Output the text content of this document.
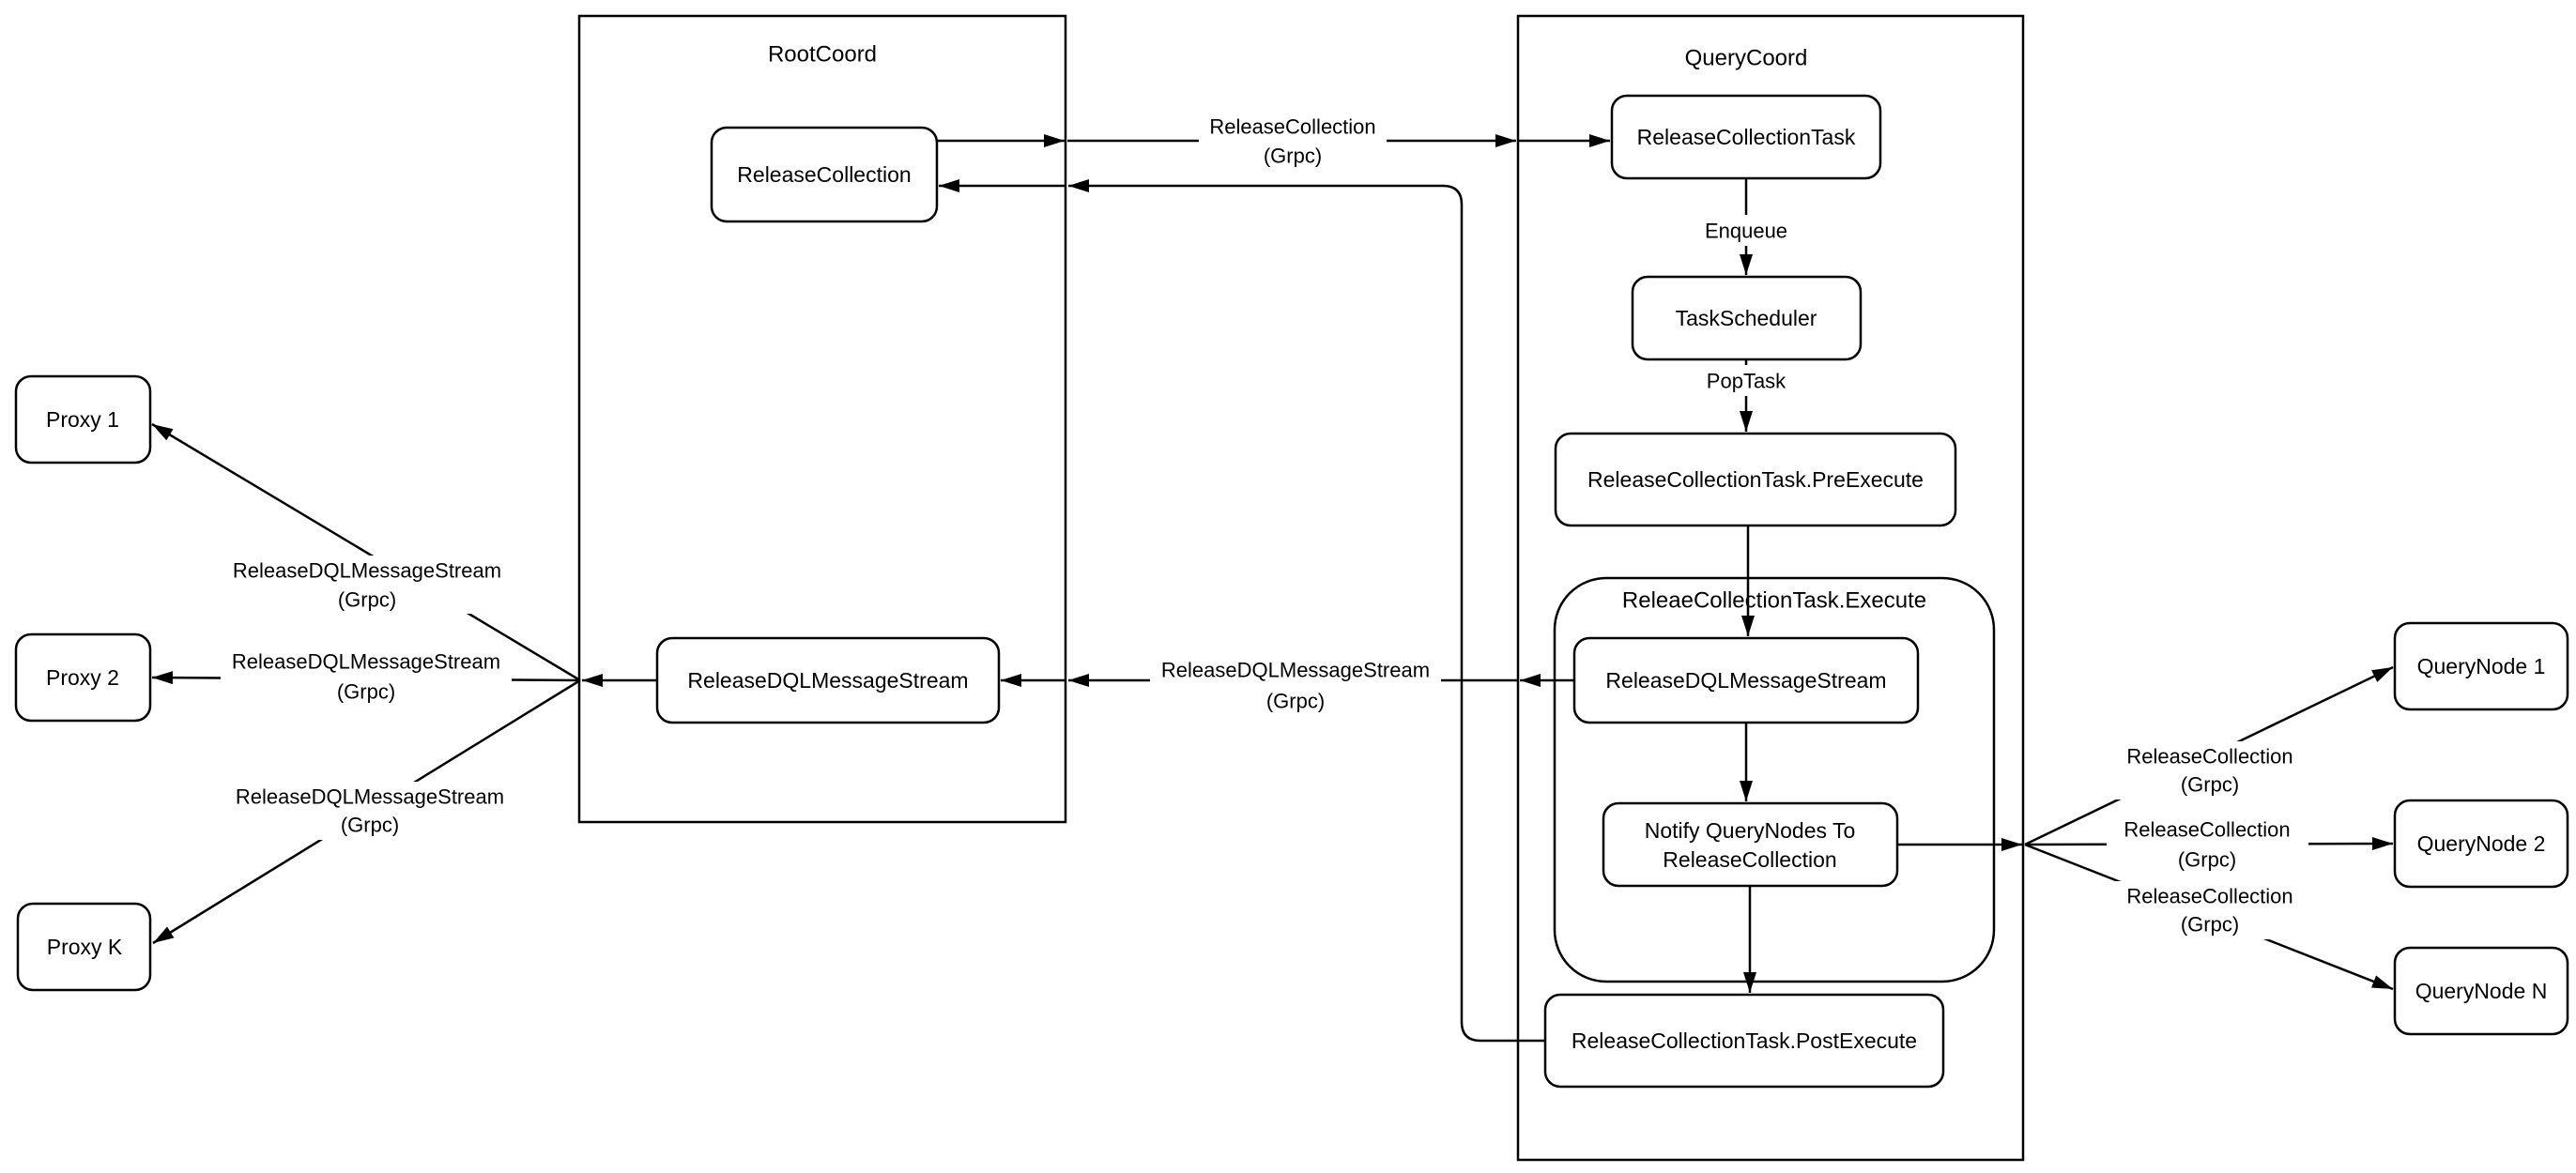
RootCoord	QueryCoord
ReleaeCollectionTask.Execute
ReleaseCollection
ReleaseCollectionTask
TaskScheduler
ReleaseCollectionTask.PreExecute
ReleaseDQLMessageStream
Notify QueryNodes To
ReleaseCollection
ReleaseCollectionTask.PostExecute
ReleaseDQLMessageStream
Proxy 1
Proxy 2
Proxy K
QueryNode 1
QueryNode 2
QueryNode N
ReleaseCollection
(Grpc)
Enqueue
PopTask
ReleaseDQLMessageStream
(Grpc)
ReleaseDQLMessageStream
(Grpc)
ReleaseDQLMessageStream
(Grpc)
ReleaseDQLMessageStream
(Grpc)
ReleaseCollection
(Grpc)
ReleaseCollection
(Grpc)
ReleaseCollection
(Grpc)
